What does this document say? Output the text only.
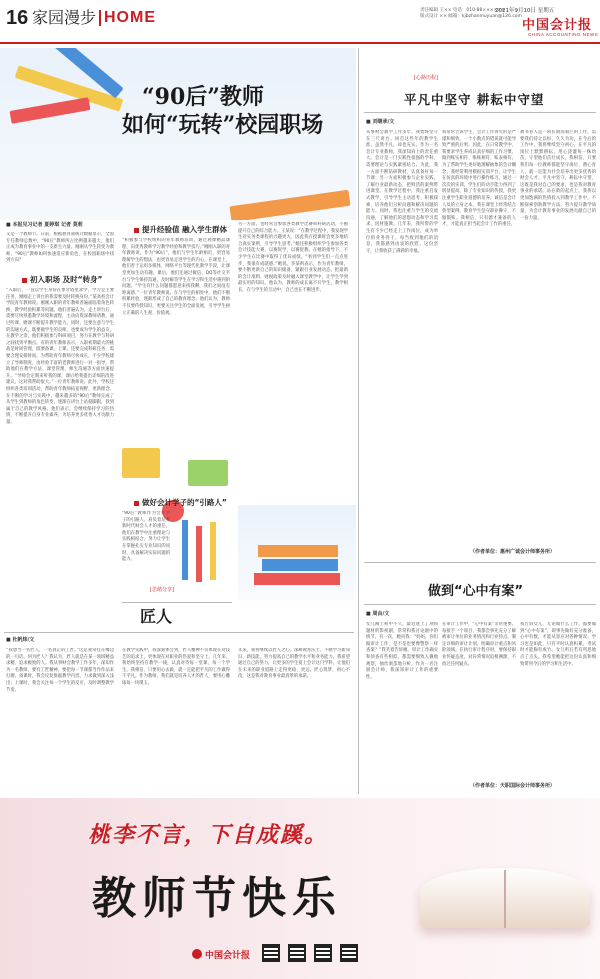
16 家园漫步 HOME	责任编辑 王×× 电话：010-88××××××
版式设计 ×× 邮箱：kjbzhanmuyuan@126.com
2021年9月10日 星期五
中国会计报
CHINA ACCOUNTING NEWS
“90后”教师
如何“玩转”校园职场
■ 本报见习记者 夏婷琪 记者 莫莉
又是一个教师节。日前，根据教育部统计数据显示，全国专任教师总数中，“90后”教师所占比例越来越大，他们正成为教育事业中的一支新生力量。刚刚从学生转变为教师，“90后”教师如何快速适应新角色，在校园职场中找到方向？
初入职场 及时“转身”
“入职后，一直以学生身份在象牙塔里求学，学习是主要任务，刚刚走上讲台的我需要及时转换身份。”某高校会计学院青年教师说。刚刚入职的青年教师普遍面临着角色转换、教学经验积累等问题。他们普遍认为，走上讲台后，需要尽快熟悉教学环境和流程，主动向资深教师请教，通过听课、磨课不断提升教学能力。同时，还要注意与学生的沟通方式，既要做学生的良师，也要成为学生的益友。在教学之余，他们积极参与科研项目，努力在教学与科研之间找到平衡点。有的青年教师表示，入职初期最大的挑战是时间管理，既要备课、上课，还要完成科研任务，需要合理安排时间。为帮助青年教师尽快成长，不少学校建立了导师制度，由经验丰富的老教师进行一对一指导，帮助他们在教学方法、课堂管理、师生沟通等方面快速提升。“导师会定期来听我的课，课后给我提出详细的改进建议，这对我帮助很大。”一位青年教师说。此外，学校还组织各类培训活动，帮助青年教师拓宽视野、更新理念。在不断的学习与实践中，越来越多的“90后”教师完成了从学生到教师的角色转变，逐渐在讲台上站稳脚跟，找到属于自己的教学风格。他们表示，会继续保持学习的热情，不断提升自身专业素养，为培养更多优秀人才贡献力量。
提升经验值 融入学生群体
“积极参与学校组织的青年教师培训，通过观摩精品课程，向优秀教师学习教学经验和教学技巧。”刚刚入职的青年教师说。作为“90后”，他们与学生年龄相近，更容易理解学生的想法，也更容易走进学生的内心。在课堂上，他们善于运用多媒体、网络平台等现代化教学手段，让课堂更加生动有趣。课后，他们还通过微信、QQ等社交平台与学生保持沟通，及时解答学生在学习和生活中遇到的问题。“学生有什么问题都愿意来找我聊，我们之间没有距离感。”一位青年教师说。在与学生的相处中，他们不断积累经验，逐渐形成了自己的教育理念。他们认为，教师不仅要传授知识，更要关注学生的全面发展，引导学生树立正确的人生观、价值观。
做好会计学子的“引路人”
“90后”教师作为会计学子的引路人，肩负着培养新时代财会人才的重任。他们在教学中注重理论与实践相结合，努力让学生在掌握扎实专业知识的同时，具备解决实际问题的能力。
另一方面，也经常会参加各类教学比赛和科研活动，不断提升自己的综合能力。王某说：“在教学过程中，我发现学生对实务类课程的兴趣更大，因此我在授课时会更多地结合真实案例，引导学生思考。”她还积极组织学生参加各类会计技能大赛，以赛促学、以赛促教。在她的指导下，不少学生在比赛中取得了优异成绩。“看到学生们一点点进步，我很有成就感。”她说。李某则表示，作为青年教师，要不断更新自己的知识储备，紧跟行业发展动态，把最新的会计准则、财税政策及时融入课堂教学中，让学生学到最实用的知识。他认为，教师的成长离不开学生，教学相长，在与学生的互动中，自己也在不断进步。
[思绪分享]
匠人
■ 杜帆炜/文
“我想当一名匠人，一名真正的工匠。”这是我常挂在嘴边的一句话。何为匠人？我认为，匠人就是在某一领域精益求精、追求极致的人。我从事财会教学工作多年，深知作为一名教师，要有工匠精神，要把每一节课都当作作品来打磨。备课时，我会反复推敲教学内容，力求做到深入浅出；上课时，我会关注每一个学生的反应，及时调整教学节奏。
在教学实践中，我深刻体会到，匠人精神不仅体现在对技艺的追求上，更体现在对职业的热爱和坚守上。几年来，我始终坚持在教学一线，认真对待每一堂课、每一个学生。我相信，只要用心去做，就一定能把平凡的工作做得不平凡。作为教师，我们就是培养人才的匠人，要用心雕琢每一块璞玉。
未来，我将继续以匠人之心，深耕教育沃土，不断学习新知识、新技能，努力提高自己的教学水平和业务能力。我希望通过自己的努力，让更多的学生爱上会计这门学科，让他们在未来的职业道路上走得更稳、更远。匠心筑梦，初心不改，这是我对教育事业最真挚的承诺。
[心路历程]
平凡中坚守 耕耘中守望
■ 刘继承/文
从事财会教学工作多年，我始终坚守在三尺讲台。回首这些年的教学生涯，虽然平凡，却也充实。作为一名会计专业教师，我深知肩上的责任重大。会计是一门实践性很强的学科，需要理论与实践紧密结合。为此，我一方面不断钻研教材，认真备好每一节课；另一方面积极参与企业实践，了解行业最新动态，把鲜活的案例带进课堂。在教学过程中，我注重启发式教学，引导学生主动思考、积极探索，培养他们分析问题和解决问题的能力。同时，我也注重与学生的交流沟通，了解他们的思想动态和学习需求，因材施教。几年来，我所带的学生有不少已经走上工作岗位，成为单位的业务骨干。每当收到他们的消息，我都感到由衷的欣慰。这份坚守，让我收获了满满的幸福。
我常常告诉学生，会计工作讲究的是严谨和细致，一个小数点的错误就可能导致严重的后果。因此，在日常教学中，我要求学生养成认真仔细的工作习惯，做到账实相符、账账相符、账表相符。为了帮助学生更好地理解抽象的会计概念，我经常利用模拟实训平台，让学生在仿真的环境中进行操作练习。通过一次次的实训，学生们的动手能力得到了明显提高。除了专业知识的传授，我更注重学生职业道德的培养。诚信是会计人员的立身之本，我在课堂上经常结合典型案例，教育学生坚守职业操守，不做假账。我相信，只有德才兼备的人才，才能真正担当起会计工作的重任。
教书育人是一项长期而艰巨的工作，需要我们持之以恒、久久为功。在今后的工作中，我将继续坚守初心，在平凡的岗位上默默耕耘，用心浇灌每一株幼苗，守望他们茁壮成长。我相信，只要我们每一位教师都能坚守岗位、潜心育人，就一定能为社会培养出更多优秀的财会人才。平凡中坚守，耕耘中守望，这既是我对自己的要求，也是我对教育事业的承诺。站在新的起点上，我将以更加饱满的热情投入到教学工作中，不断探索创新教学方法，努力提升教学质量，为会计教育事业的发展贡献自己的一份力量。
（作者单位：惠州广诚会计师事务所）
做到“心中有案”
■ 周由/文
女儿刚上初中不久，最近迷上了刑侦题材的影视剧，常常和我讨论剧中的情节。有一次，她问我：“妈妈，你们做审计工作，是不是也要像警察一样查案？”我笑着告诉她，审计工作确实和侦查有些相似，都需要细致入微地观察，抽丝剥茧地分析。作为一名注册会计师，我深知审计工作的重要性。
在审计工作中，“心中有案”非常重要。每接手一个项目，我都会事先充分了解被审计单位的业务情况和行业特点，制定详细的审计计划，明确审计重点和风险领域。在执行审计程序时，要保持职业怀疑态度，对异常情况追根溯源，不放过任何疑点。
我告诉女儿，无论做什么工作，都要做到“心中有案”，即事先做好充分准备，心中有数，才能从容应对各种情况。学习也是如此，只有平时认真积累，考试时才能胸有成竹。女儿听后若有所思地点了点头。我希望她能把这份认真和细致带到今后的学习和生活中。
（作者单位：天职国际会计师事务所）
桃李不言，下自成蹊。
教师节快乐
中国会计报
